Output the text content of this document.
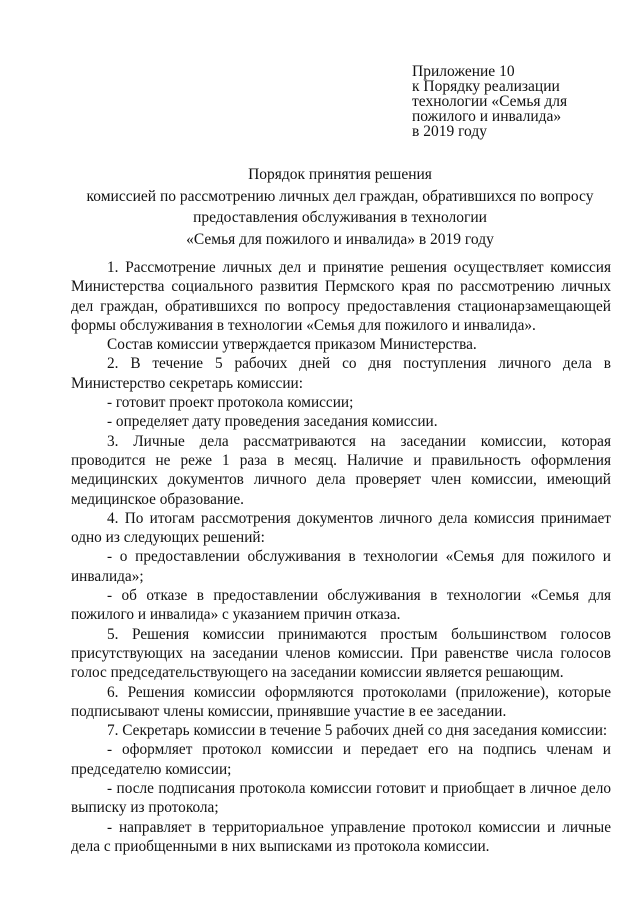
Приложение 10
к Порядку реализации
технологии «Семья для
пожилого и инвалида»
в 2019 году
Порядок принятия решения
комиссией по рассмотрению личных дел граждан, обратившихся по вопросу
предоставления обслуживания в технологии
«Семья для пожилого и инвалида» в 2019 году

1. Рассмотрение личных дел и принятие решения осуществляет комиссия Министерства социального развития Пермского края по рассмотрению личных дел граждан, обратившихся по вопросу предоставления стационарзамещающей формы обслуживания в технологии «Семья для пожилого и инвалида».

Состав комиссии утверждается приказом Министерства.

2. В течение 5 рабочих дней со дня поступления личного дела в Министерство секретарь комиссии:

- готовит проект протокола комиссии;

- определяет дату проведения заседания комиссии.

3. Личные дела рассматриваются на заседании комиссии, которая проводится не реже 1 раза в месяц. Наличие и правильность оформления медицинских документов личного дела проверяет член комиссии, имеющий медицинское образование.

4. По итогам рассмотрения документов личного дела комиссия принимает одно из следующих решений:

- о предоставлении обслуживания в технологии «Семья для пожилого и инвалида»;

- об отказе в предоставлении обслуживания в технологии «Семья для пожилого и инвалида» с указанием причин отказа.

5. Решения комиссии принимаются простым большинством голосов присутствующих на заседании членов комиссии. При равенстве числа голосов голос председательствующего на заседании комиссии является решающим.

6. Решения комиссии оформляются протоколами (приложение), которые подписывают члены комиссии, принявшие участие в ее заседании.

7. Секретарь комиссии в течение 5 рабочих дней со дня заседания комиссии:

- оформляет протокол комиссии и передает его на подпись членам и председателю комиссии;

- после подписания протокола комиссии готовит и приобщает в личное дело выписку из протокола;

- направляет в территориальное управление протокол комиссии и личные дела с приобщенными в них выписками из протокола комиссии.
